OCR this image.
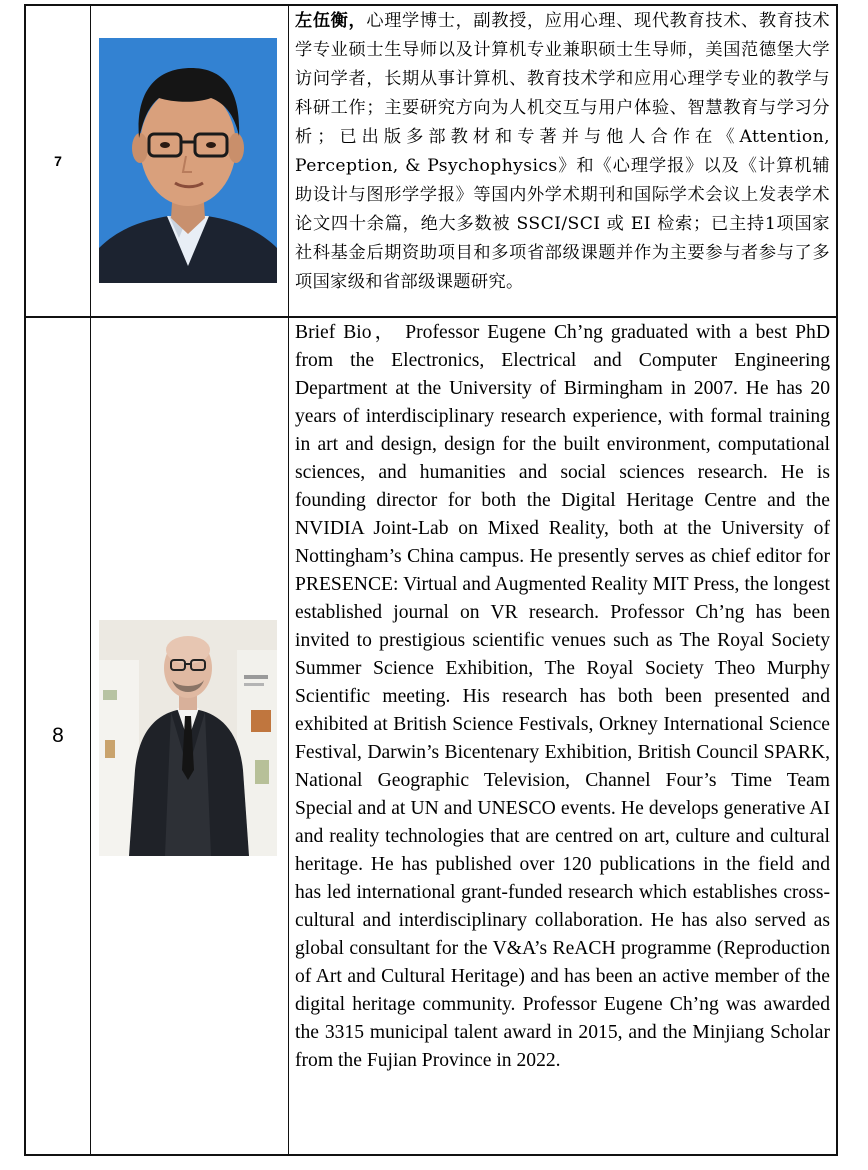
7

左伍衡，心理学博士，副教授，应用心理、现代教育技术、教育技术学专业硕士生导师以及计算机专业兼职硕士生导师，美国范德堡大学访问学者，长期从事计算机、教育技术学和应用心理学专业的教学与科研工作；主要研究方向为人机交互与用户体验、智慧教育与学习分析；已出版多部教材和专著并与他人合作在《Attention, Perception, & Psychophysics》和《心理学报》以及《计算机辅助设计与图形学学报》等国内外学术期刊和国际学术会议上发表学术论文四十余篇，绝大多数被 SSCI/SCI 或 EI 检索；已主持1项国家社科基金后期资助项目和多项省部级课题并作为主要参与者参与了多项国家级和省部级课题研究。

8

Brief Bio， Professor Eugene Ch’ng graduated with a best PhD from the Electronics, Electrical and Computer Engineering Department at the University of Birmingham in 2007. He has 20 years of interdisciplinary research experience, with formal training in art and design, design for the built environment, computational sciences, and humanities and social sciences research. He is founding director for both the Digital Heritage Centre and the NVIDIA Joint-Lab on Mixed Reality, both at the University of Nottingham’s China campus. He presently serves as chief editor for PRESENCE: Virtual and Augmented Reality MIT Press, the longest established journal on VR research. Professor Ch’ng has been invited to prestigious scientific venues such as The Royal Society Summer Science Exhibition, The Royal Society Theo Murphy Scientific meeting. His research has both been presented and exhibited at British Science Festivals, Orkney International Science Festival, Darwin’s Bicentenary Exhibition, British Council SPARK, National Geographic Television, Channel Four’s Time Team Special and at UN and UNESCO events. He develops generative AI and reality technologies that are centred on art, culture and cultural heritage. He has published over 120 publications in the field and has led international grant-funded research which establishes cross-cultural and interdisciplinary collaboration. He has also served as global consultant for the V&A’s ReACH programme (Reproduction of Art and Cultural Heritage) and has been an active member of the digital heritage community. Professor Eugene Ch’ng was awarded the 3315 municipal talent award in 2015, and the Minjiang Scholar from the Fujian Province in 2022.
